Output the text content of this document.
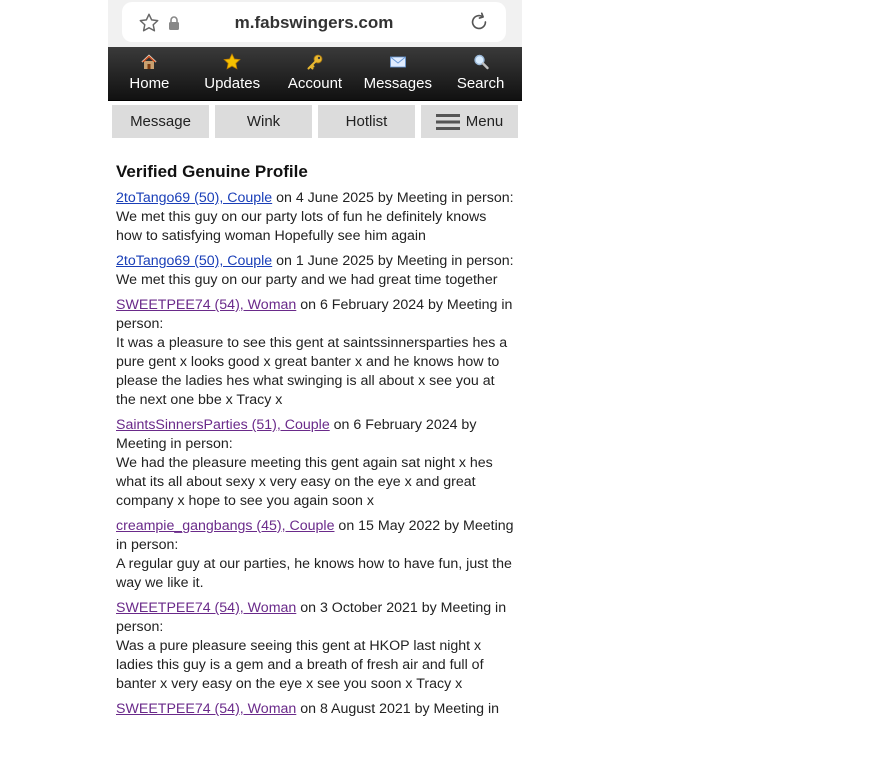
m.fabswingers.com
Home Updates Account Messages Search
Message	Wink	Hotlist	Menu
Verified Genuine Profile
2toTango69 (50), Couple on 4 June 2025 by Meeting in person:
We met this guy on our party lots of fun he definitely knows how to satisfying woman Hopefully see him again
2toTango69 (50), Couple on 1 June 2025 by Meeting in person:
We met this guy on our party and we had great time together
SWEETPEE74 (54), Woman on 6 February 2024 by Meeting in person:
It was a pleasure to see this gent at saintssinnersparties hes a pure gent x looks good x great banter x and he knows how to please the ladies hes what swinging is all about x see you at the next one bbe x Tracy x
SaintsSinnersParties (51), Couple on 6 February 2024 by Meeting in person:
We had the pleasure meeting this gent again sat night x hes what its all about sexy x very easy on the eye x and great company x hope to see you again soon x
creampie_gangbangs (45), Couple on 15 May 2022 by Meeting in person:
A regular guy at our parties, he knows how to have fun, just the way we like it.
SWEETPEE74 (54), Woman on 3 October 2021 by Meeting in person:
Was a pure pleasure seeing this gent at HKOP last night x ladies this guy is a gem and a breath of fresh air and full of banter x very easy on the eye x see you soon x Tracy x
SWEETPEE74 (54), Woman on 8 August 2021 by Meeting in
